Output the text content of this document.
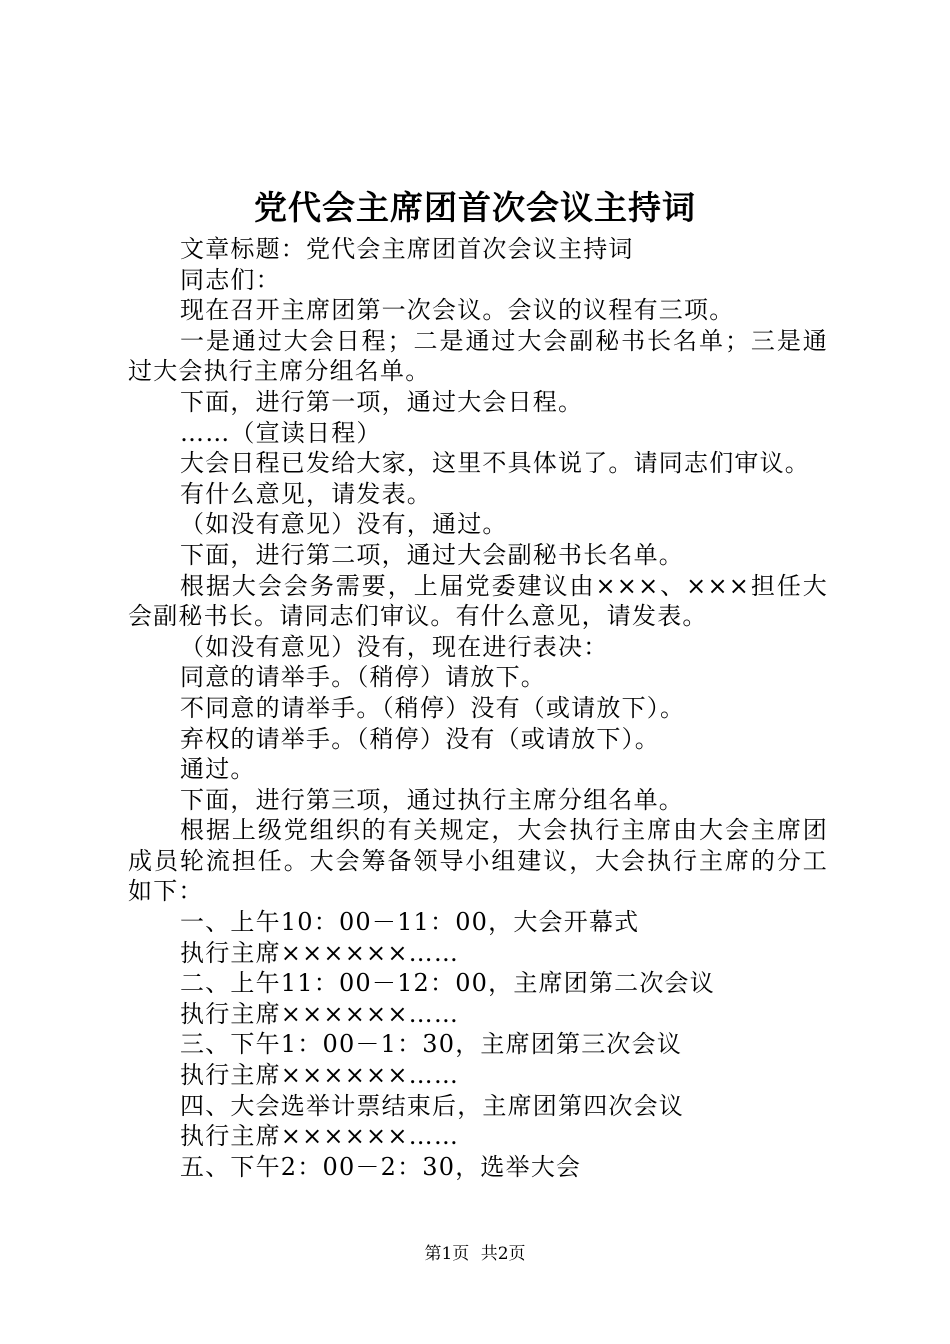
党代会主席团首次会议主持词

文章标题：党代会主席团首次会议主持词

同志们：

现在召开主席团第一次会议。会议的议程有三项。

一是通过大会日程；二是通过大会副秘书长名单；三是通过大会执行主席分组名单。

下面，进行第一项，通过大会日程。

……（宣读日程）

大会日程已发给大家，这里不具体说了。请同志们审议。

有什么意见，请发表。

（如没有意见）没有，通过。

下面，进行第二项，通过大会副秘书长名单。

根据大会会务需要，上届党委建议由×××、×××担任大会副秘书长。请同志们审议。有什么意见，请发表。

（如没有意见）没有，现在进行表决：

同意的请举手。（稍停）请放下。

不同意的请举手。（稍停）没有（或请放下）。

弃权的请举手。（稍停）没有（或请放下）。

通过。

下面，进行第三项，通过执行主席分组名单。

根据上级党组织的有关规定，大会执行主席由大会主席团成员轮流担任。大会筹备领导小组建议，大会执行主席的分工如下：

一、上午10：00－11：00，大会开幕式

执行主席××××××……

二、上午11：00－12：00，主席团第二次会议

执行主席××××××……

三、下午1：00－1：30，主席团第三次会议

执行主席××××××……

四、大会选举计票结束后，主席团第四次会议

执行主席××××××……

五、下午2：00－2：30，选举大会

第1页 共2页
